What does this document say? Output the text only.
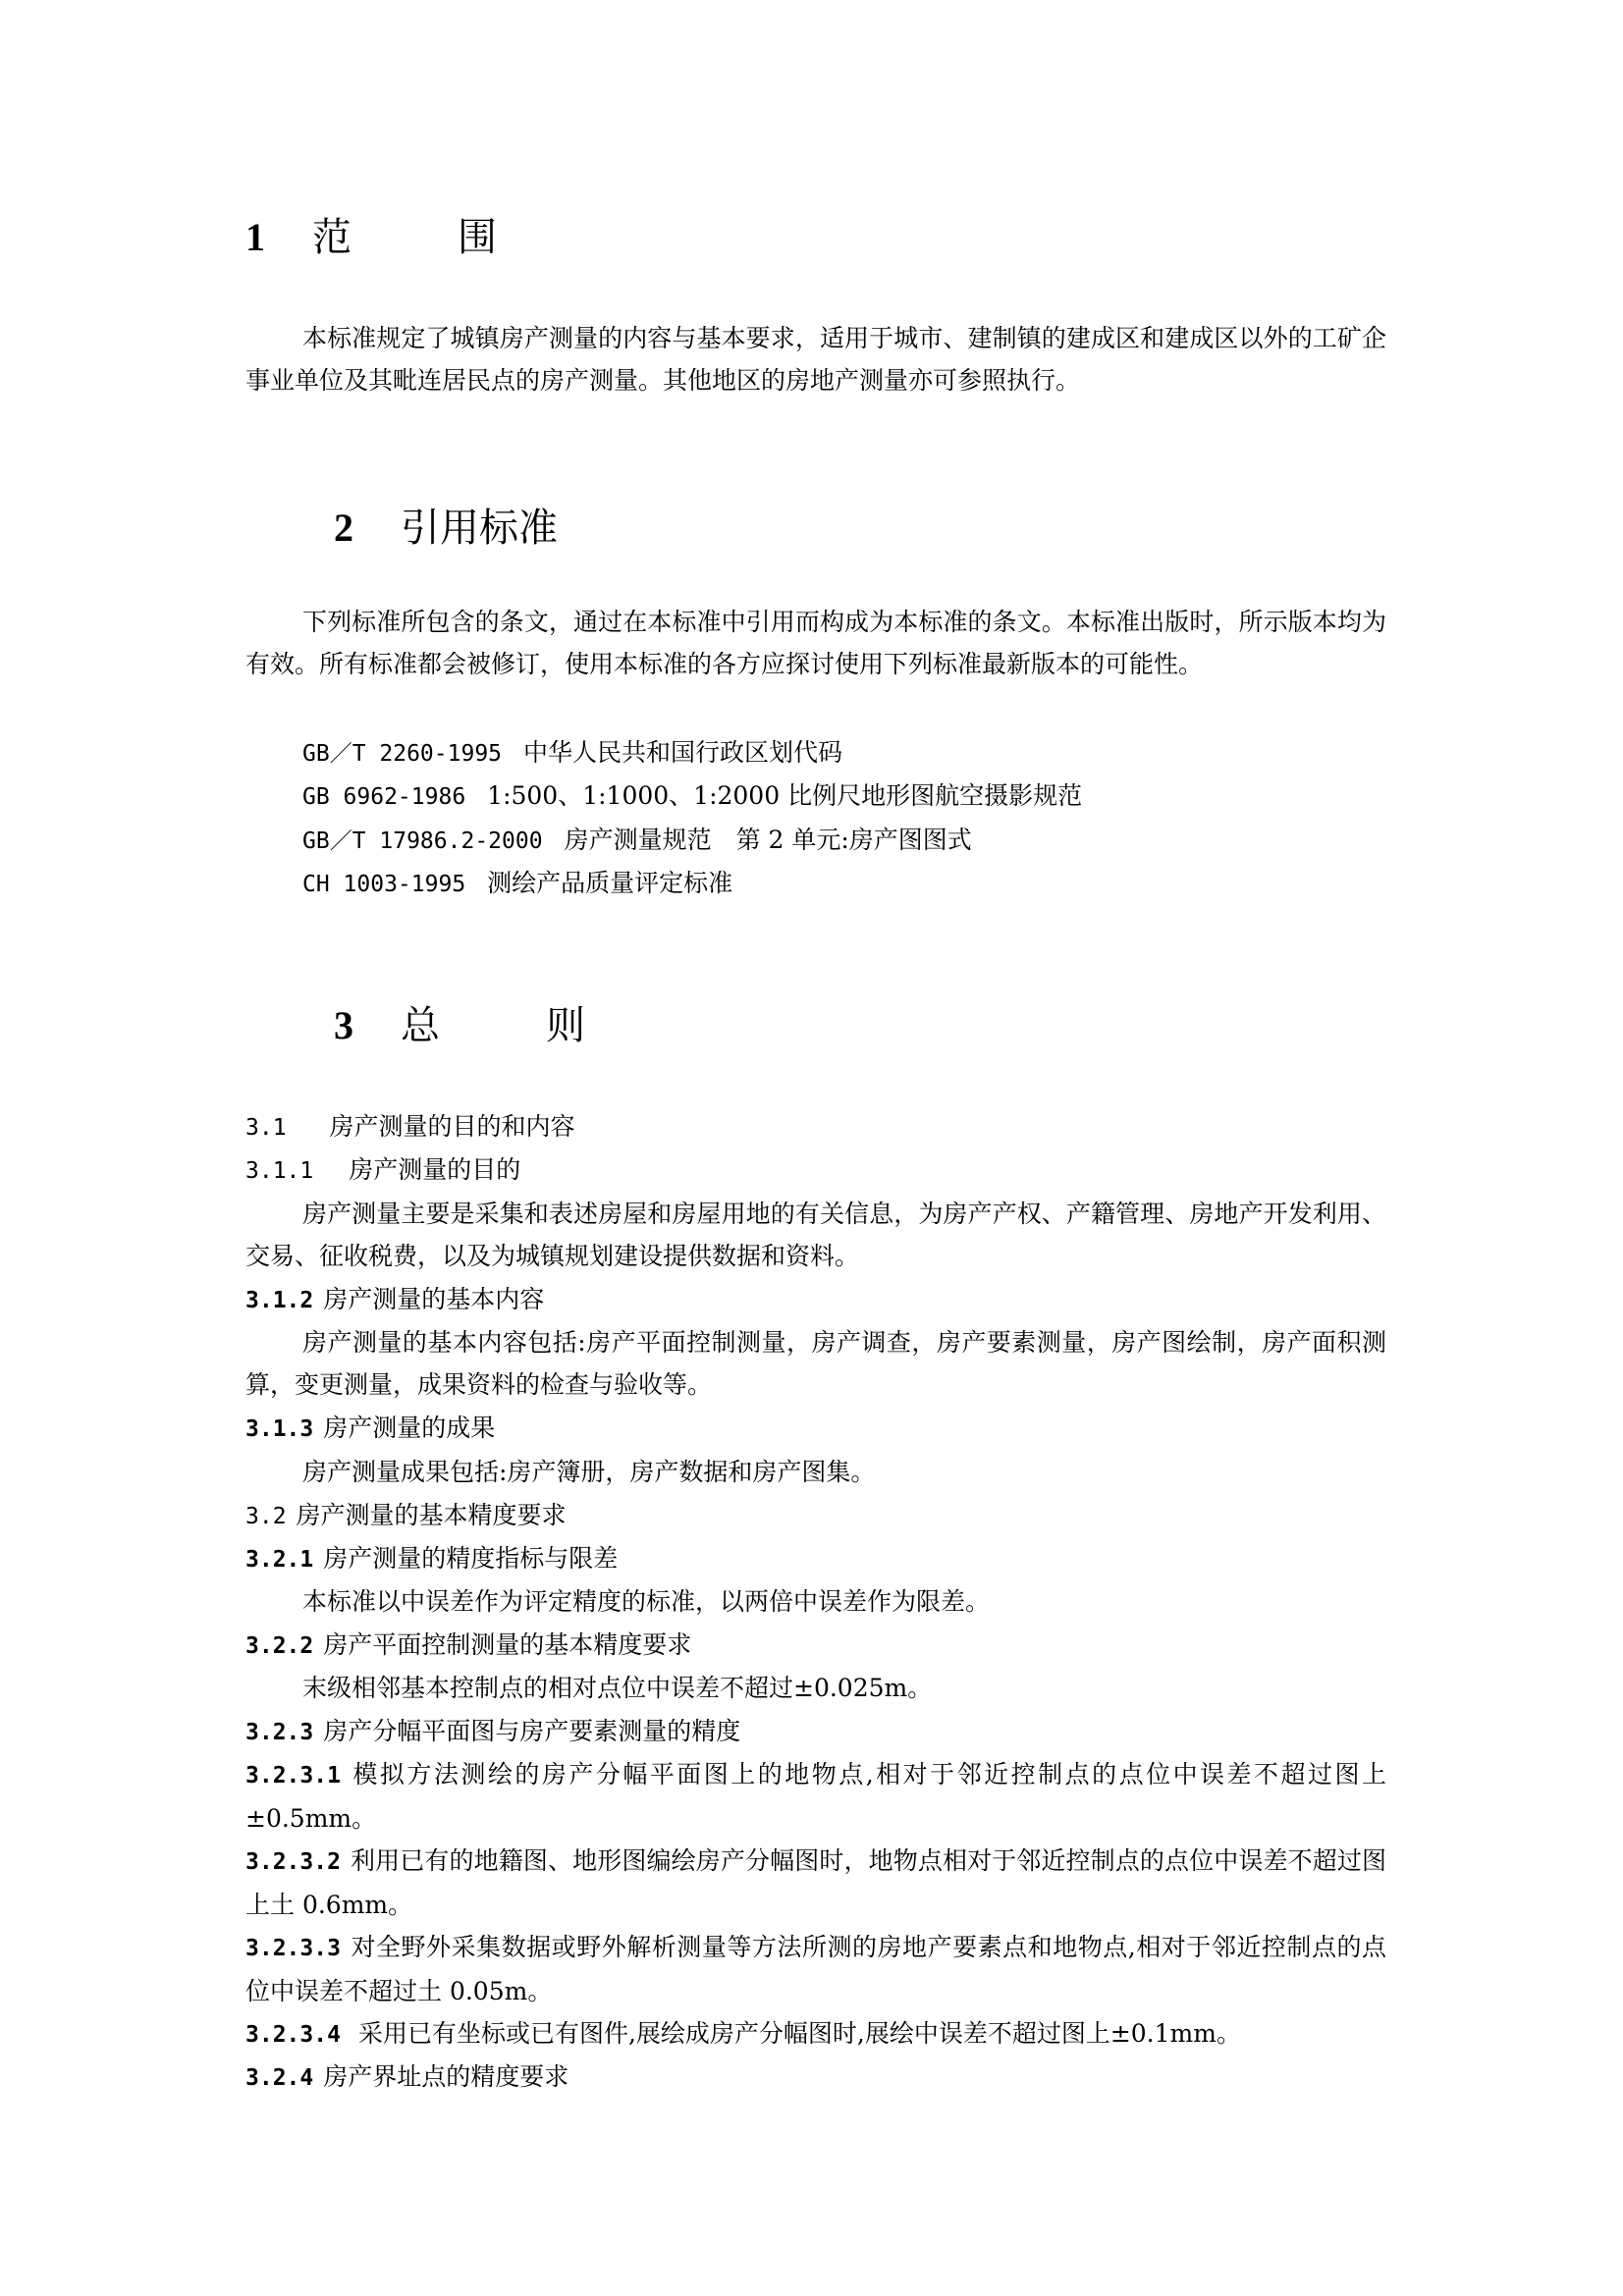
1 范	围

本标准规定了城镇房产测量的内容与基本要求，适用于城市、建制镇的建成区和建成区以外的工矿企事业单位及其毗连居民点的房产测量。其他地区的房地产测量亦可参照执行。

2 引用标准

下列标准所包含的条文，通过在本标准中引用而构成为本标准的条文。本标准出版时，所示版本均为有效。所有标准都会被修订，使用本标准的各方应探讨使用下列标准最新版本的可能性。

GB／T 2260-1995 中华人民共和国行政区划代码

GB 6962-1986 1:500、1:1000、1:2000 比例尺地形图航空摄影规范

GB／T 17986.2-2000 房产测量规范　第 2 单元:房产图图式

CH 1003-1995 测绘产品质量评定标准

3 总	则

3.1 房产测量的目的和内容

3.1.1 房产测量的目的

房产测量主要是采集和表述房屋和房屋用地的有关信息，为房产产权、产籍管理、房地产开发利用、交易、征收税费，以及为城镇规划建设提供数据和资料。

3.1.2 房产测量的基本内容

房产测量的基本内容包括:房产平面控制测量，房产调查，房产要素测量，房产图绘制，房产面积测算，变更测量，成果资料的检查与验收等。

3.1.3 房产测量的成果

房产测量成果包括:房产簿册，房产数据和房产图集。

3.2 房产测量的基本精度要求

3.2.1 房产测量的精度指标与限差

本标准以中误差作为评定精度的标准，以两倍中误差作为限差。

3.2.2 房产平面控制测量的基本精度要求

末级相邻基本控制点的相对点位中误差不超过±0.025m。

3.2.3 房产分幅平面图与房产要素测量的精度

3.2.3.1 模拟方法测绘的房产分幅平面图上的地物点,相对于邻近控制点的点位中误差不超过图上±0.5mm。

3.2.3.2 利用已有的地籍图、地形图编绘房产分幅图时，地物点相对于邻近控制点的点位中误差不超过图上土 0.6mm。

3.2.3.3 对全野外采集数据或野外解析测量等方法所测的房地产要素点和地物点,相对于邻近控制点的点位中误差不超过土 0.05m。

3.2.3.4 采用已有坐标或已有图件,展绘成房产分幅图时,展绘中误差不超过图上±0.1mm。

3.2.4 房产界址点的精度要求
